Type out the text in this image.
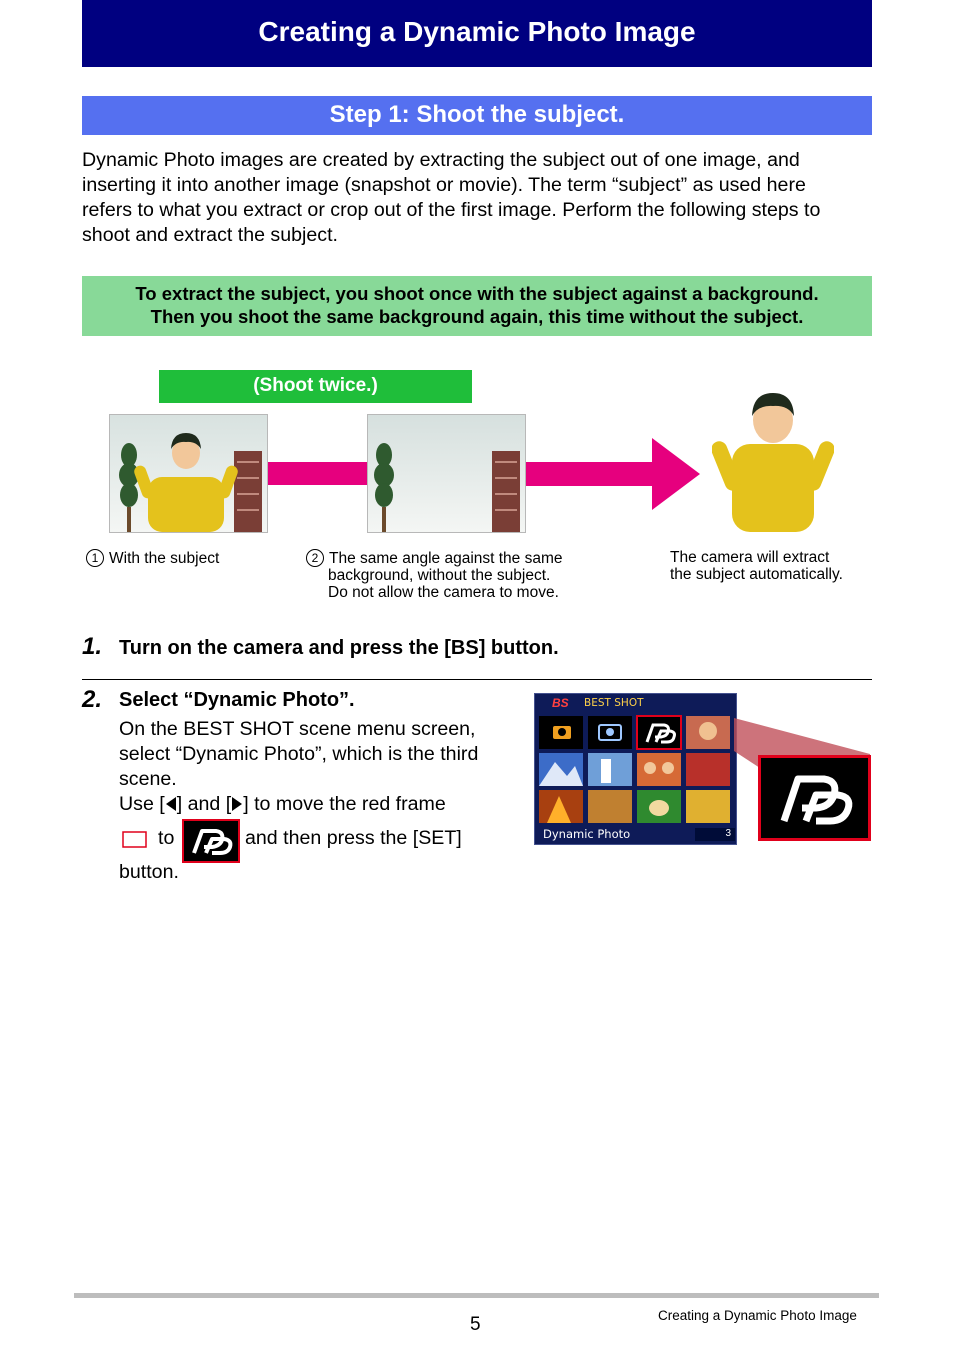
Creating a Dynamic Photo Image
Step 1: Shoot the subject.
Dynamic Photo images are created by extracting the subject out of one image, and
inserting it into another image (snapshot or movie). The term “subject” as used here
refers to what you extract or crop out of the first image. Perform the following steps to
shoot and extract the subject.
To extract the subject, you shoot once with the subject against a background.
Then you shoot the same background again, this time without the subject.
(Shoot twice.)
1 With the subject	2 The same angle against the same
background, without the subject.
Do not allow the camera to move.
The camera will extract
the subject automatically.
1. Turn on the camera and press the [BS] button.
2. Select “Dynamic Photo”.
On the BEST SHOT scene menu screen,
select “Dynamic Photo”, which is the third
scene.
Use [ ] and [ ] to move the red frame
to	and then press the [SET]
button.
BS BEST SHOT
Dynamic Photo	3
5	Creating a Dynamic Photo Image
